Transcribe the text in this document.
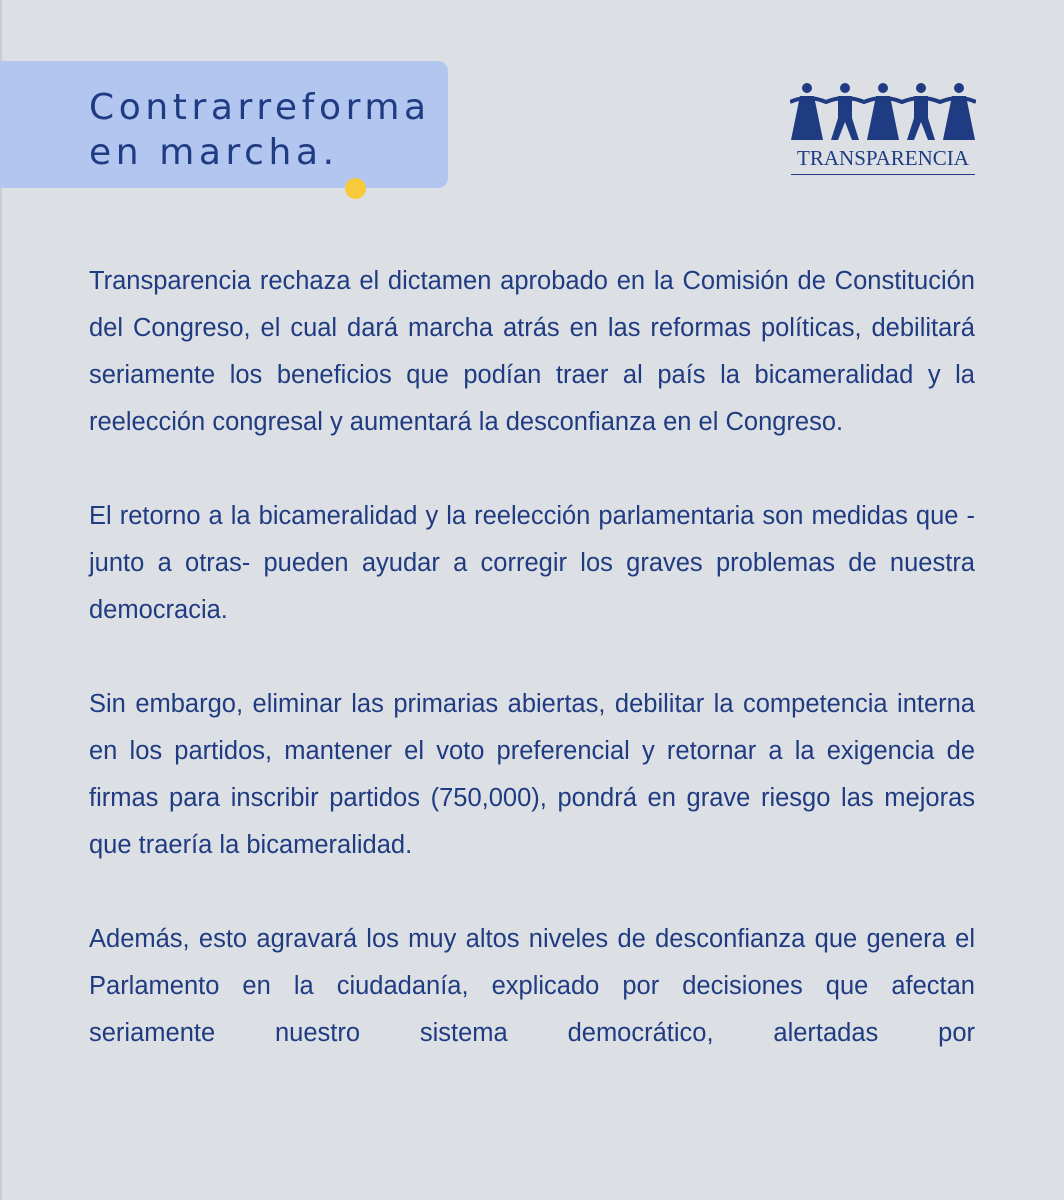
Contrarreforma
en marcha.	TRANSPARENCIA

Transparencia rechaza el dictamen aprobado en la Comisión de Constitución del Congreso, el cual dará marcha atrás en las reformas políticas, debilitará seriamente los beneficios que podían traer al país la bicameralidad y la reelección congresal y aumentará la desconfianza en el Congreso.

El retorno a la bicameralidad y la reelección parlamentaria son medidas que -junto a otras- pueden ayudar a corregir los graves problemas de nuestra democracia.

Sin embargo, eliminar las primarias abiertas, debilitar la competencia interna en los partidos, mantener el voto preferencial y retornar a la exigencia de firmas para inscribir partidos (750,000), pondrá en grave riesgo las mejoras que traería la bicameralidad.

Además, esto agravará los muy altos niveles de desconfianza que genera el Parlamento en la ciudadanía, explicado por decisiones que afectan seriamente nuestro sistema democrático, alertadas por
